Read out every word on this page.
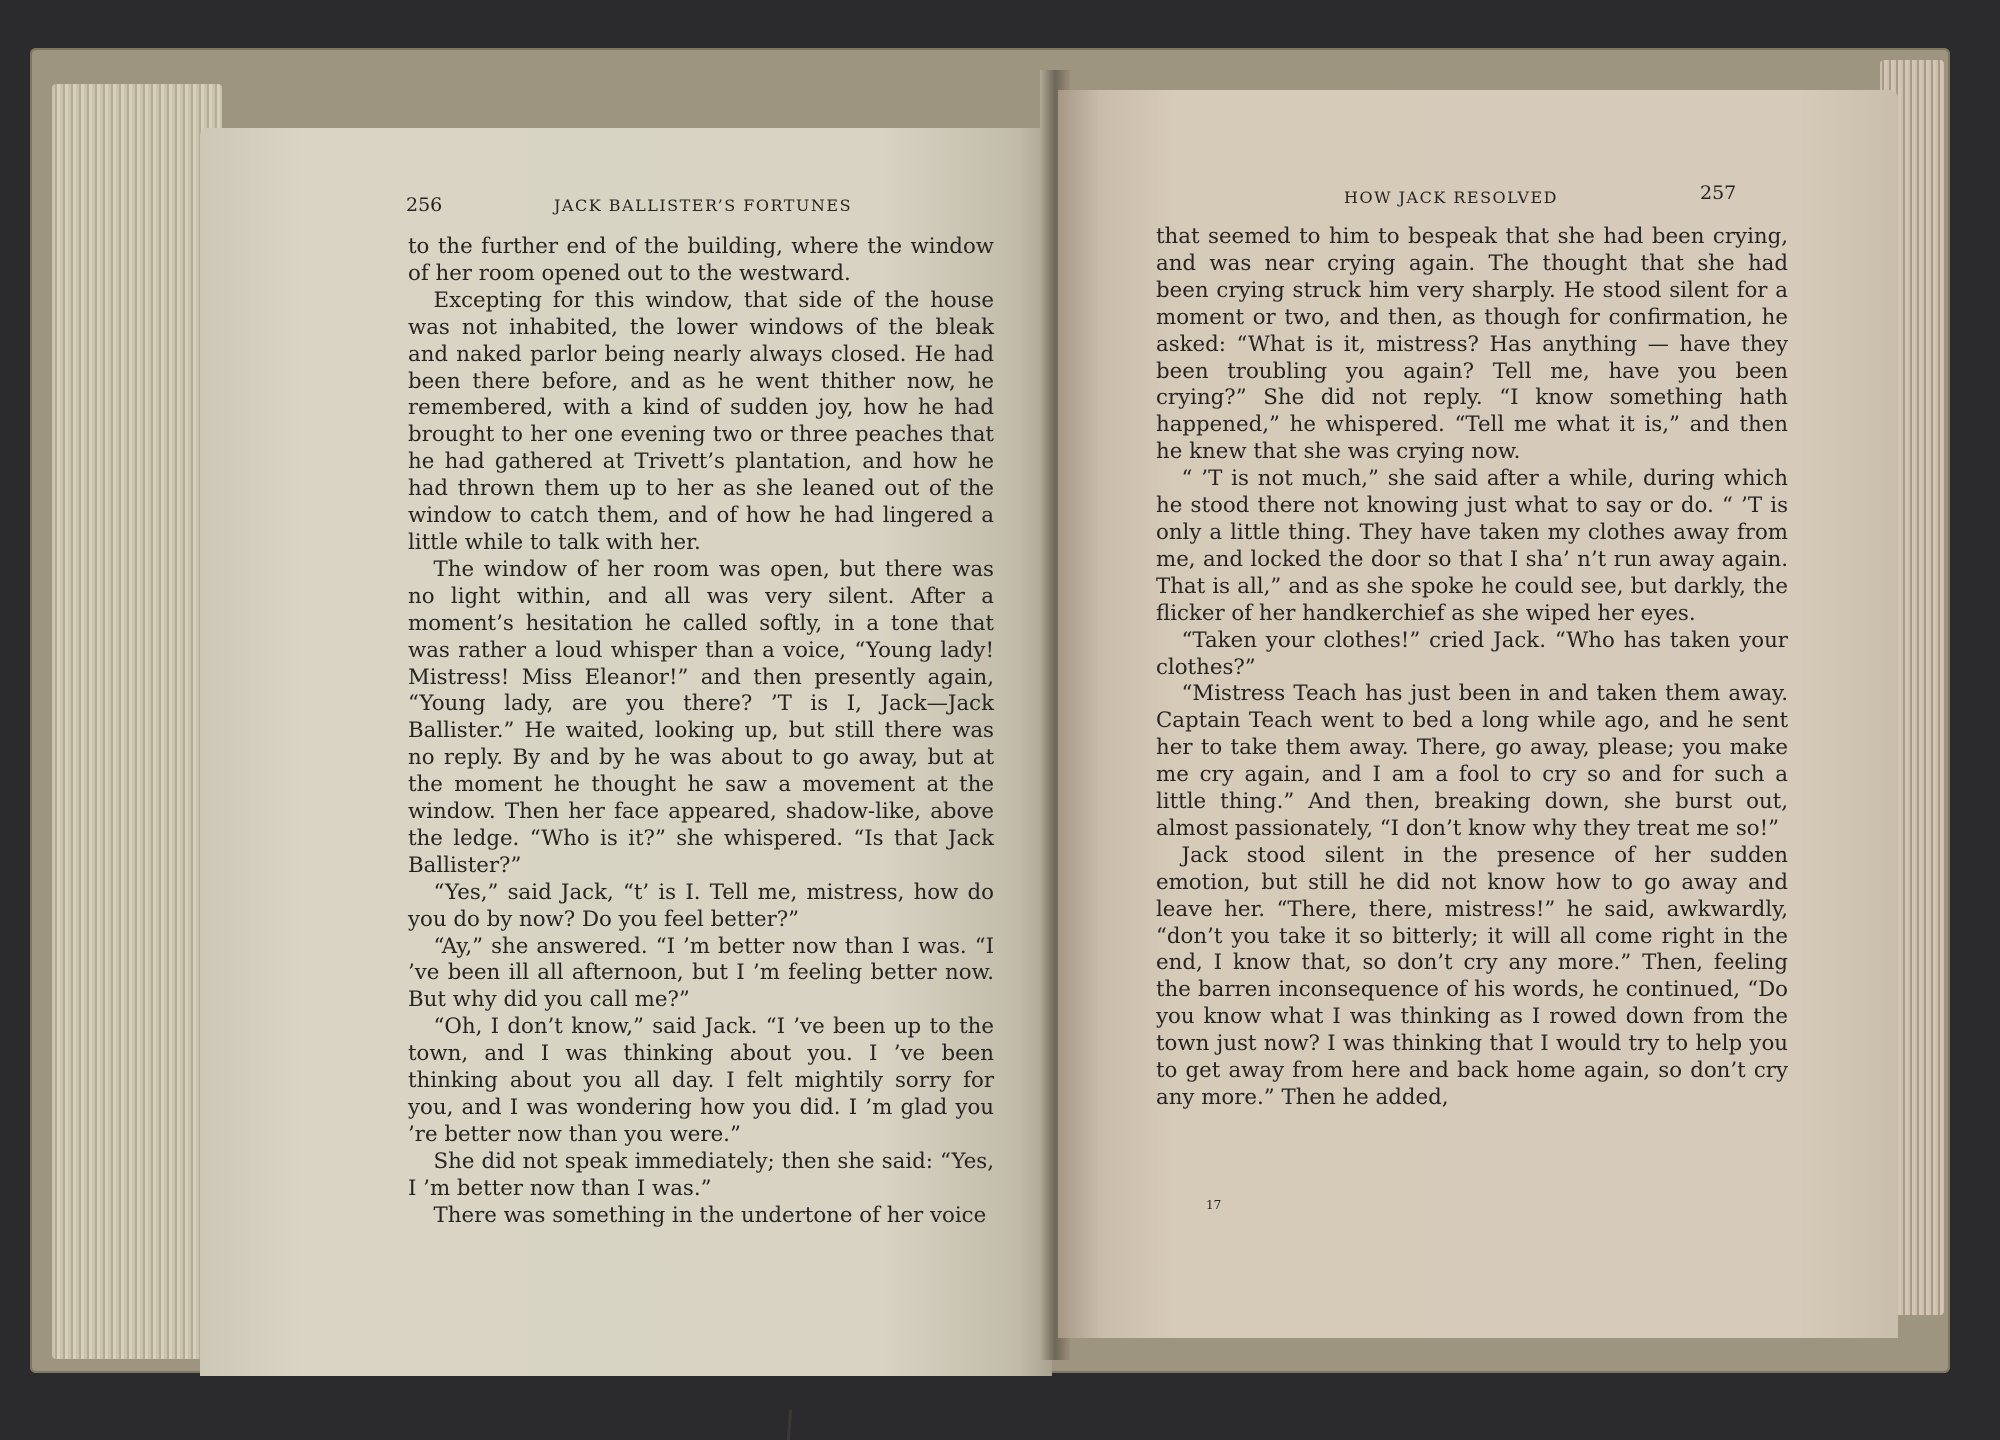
256	JACK BALLISTER’S FORTUNES

to the further end of the building, where the window of her room opened out to the westward.

Excepting for this window, that side of the house was not inhabited, the lower windows of the bleak and naked parlor being nearly always closed. He had been there before, and as he went thither now, he remembered, with a kind of sudden joy, how he had brought to her one evening two or three peaches that he had gathered at Trivett’s plantation, and how he had thrown them up to her as she leaned out of the window to catch them, and of how he had lingered a little while to talk with her.

The window of her room was open, but there was no light within, and all was very silent. After a moment’s hesitation he called softly, in a tone that was rather a loud whisper than a voice, “Young lady! Mistress! Miss Eleanor!” and then presently again, “Young lady, are you there? ’T is I, Jack—Jack Ballister.” He waited, looking up, but still there was no reply. By and by he was about to go away, but at the moment he thought he saw a movement at the window. Then her face appeared, shadow-like, above the ledge. “Who is it?” she whispered. “Is that Jack Ballister?”

“Yes,” said Jack, “t’ is I. Tell me, mistress, how do you do by now? Do you feel better?”

“Ay,” she answered. “I ’m better now than I was. “I ’ve been ill all afternoon, but I ’m feeling better now. But why did you call me?”

“Oh, I don’t know,” said Jack. “I ’ve been up to the town, and I was thinking about you. I ’ve been thinking about you all day. I felt mightily sorry for you, and I was wondering how you did. I ’m glad you ’re better now than you were.”

She did not speak immediately; then she said: “Yes, I ’m better now than I was.”

There was something in the undertone of her voice

HOW JACK RESOLVED	257

that seemed to him to bespeak that she had been crying, and was near crying again. The thought that she had been crying struck him very sharply. He stood silent for a moment or two, and then, as though for confirmation, he asked: “What is it, mistress? Has anything — have they been troubling you again? Tell me, have you been crying?” She did not reply. “I know something hath happened,” he whispered. “Tell me what it is,” and then he knew that she was crying now.

“ ’T is not much,” she said after a while, during which he stood there not knowing just what to say or do. “ ’T is only a little thing. They have taken my clothes away from me, and locked the door so that I sha’ n’t run away again. That is all,” and as she spoke he could see, but darkly, the flicker of her handkerchief as she wiped her eyes.

“Taken your clothes!” cried Jack. “Who has taken your clothes?”

“Mistress Teach has just been in and taken them away. Captain Teach went to bed a long while ago, and he sent her to take them away. There, go away, please; you make me cry again, and I am a fool to cry so and for such a little thing.” And then, breaking down, she burst out, almost passionately, “I don’t know why they treat me so!”

Jack stood silent in the presence of her sudden emotion, but still he did not know how to go away and leave her. “There, there, mistress!” he said, awkwardly, “don’t you take it so bitterly; it will all come right in the end, I know that, so don’t cry any more.” Then, feeling the barren inconsequence of his words, he continued, “Do you know what I was thinking as I rowed down from the town just now? I was thinking that I would try to help you to get away from here and back home again, so don’t cry any more.” Then he added,

17
